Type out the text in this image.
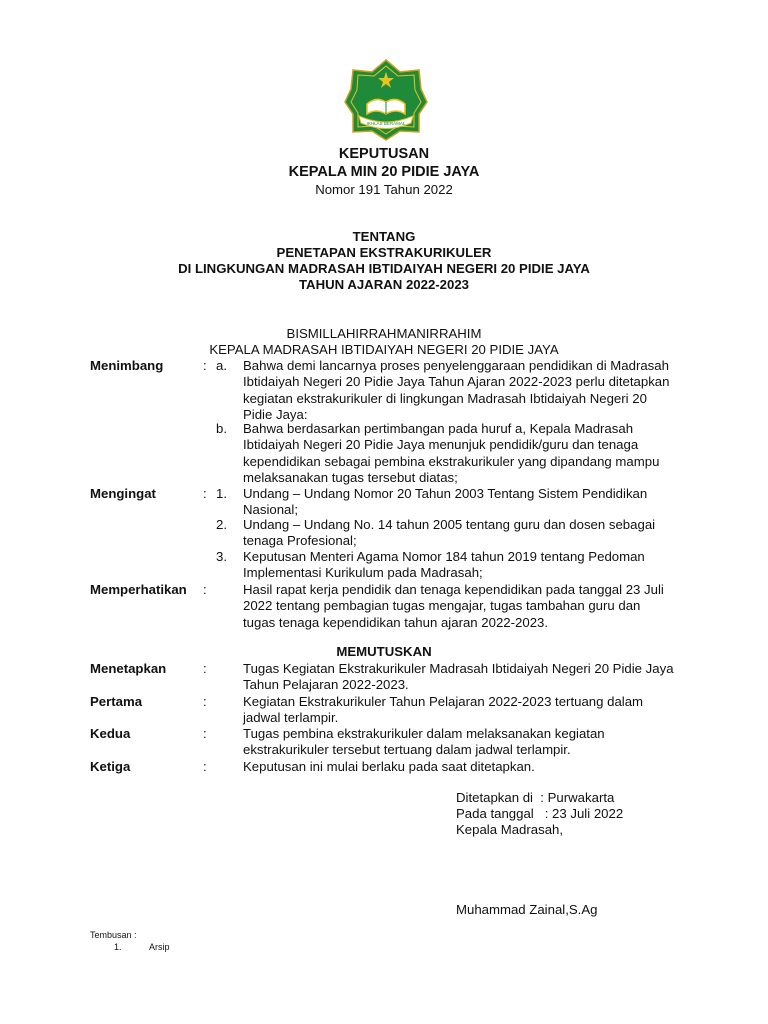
IKHLAS BERAMAL
KEPUTUSAN
KEPALA MIN 20 PIDIE JAYA
Nomor 191 Tahun 2022
TENTANG
PENETAPAN EKSTRAKURIKULER
DI LINGKUNGAN MADRASAH IBTIDAIYAH NEGERI 20 PIDIE JAYA
TAHUN AJARAN 2022-2023
BISMILLAHIRRAHMANIRRAHIM
KEPALA MADRASAH IBTIDAIYAH NEGERI 20 PIDIE JAYA
Menimbang	: a. Bahwa demi lancarnya proses penyelenggaraan pendidikan di Madrasah
Ibtidaiyah Negeri 20 Pidie Jaya Tahun Ajaran 2022-2023 perlu ditetapkan
kegiatan ekstrakurikuler di lingkungan Madrasah Ibtidaiyah Negeri 20
Pidie Jaya:
b. Bahwa berdasarkan pertimbangan pada huruf a, Kepala Madrasah
Ibtidaiyah Negeri 20 Pidie Jaya menunjuk pendidik/guru dan tenaga
kependidikan sebagai pembina ekstrakurikuler yang dipandang mampu
melaksanakan tugas tersebut diatas;
Mengingat	: 1. Undang – Undang Nomor 20 Tahun 2003 Tentang Sistem Pendidikan
Nasional;
2. Undang – Undang No. 14 tahun 2005 tentang guru dan dosen sebagai
tenaga Profesional;
3. Keputusan Menteri Agama Nomor 184 tahun 2019 tentang Pedoman
Implementasi Kurikulum pada Madrasah;
Memperhatikan :	Hasil rapat kerja pendidik dan tenaga kependidikan pada tanggal 23 Juli
2022 tentang pembagian tugas mengajar, tugas tambahan guru dan
tugas tenaga kependidikan tahun ajaran 2022-2023.
MEMUTUSKAN
Menetapkan	:	Tugas Kegiatan Ekstrakurikuler Madrasah Ibtidaiyah Negeri 20 Pidie Jaya
Tahun Pelajaran 2022-2023.
Pertama	:	Kegiatan Ekstrakurikuler Tahun Pelajaran 2022-2023 tertuang dalam
jadwal terlampir.
Kedua	:	Tugas pembina ekstrakurikuler dalam melaksanakan kegiatan
ekstrakurikuler tersebut tertuang dalam jadwal terlampir.
Ketiga	:	Keputusan ini mulai berlaku pada saat ditetapkan.
Ditetapkan di  : Purwakarta
Pada tanggal   : 23 Juli 2022
Kepala Madrasah,
Muhammad Zainal,S.Ag
Tembusan :
1.	Arsip
